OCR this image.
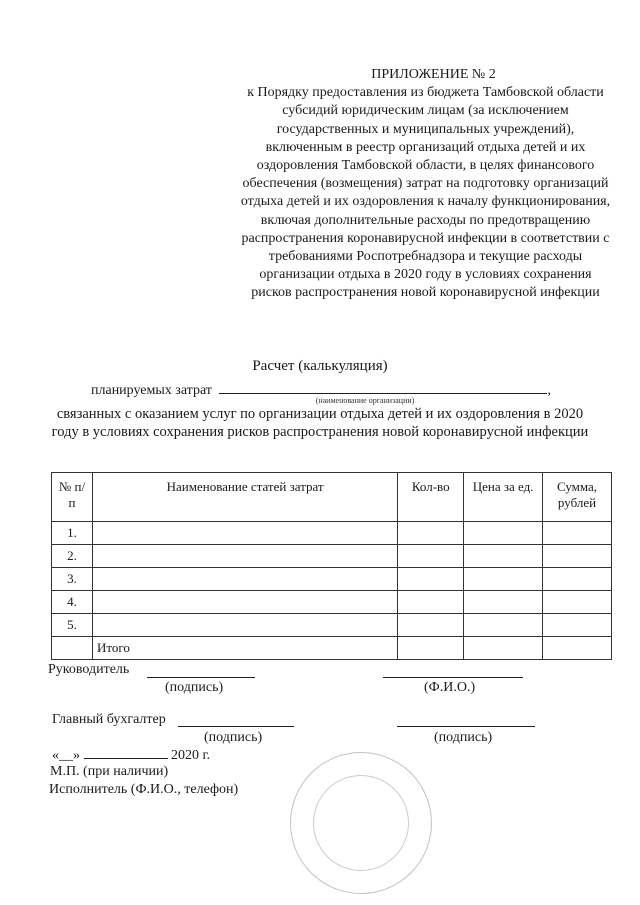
ПРИЛОЖЕНИЕ № 2
к Порядку предоставления из бюджета Тамбовской области субсидий юридическим лицам (за исключением государственных и муниципальных учреждений), включенным в реестр организаций отдыха детей и их оздоровления Тамбовской области, в целях финансового обеспечения (возмещения) затрат на подготовку организаций отдыха детей и их оздоровления к началу функционирования, включая дополнительные расходы по предотвращению распространения коронавирусной инфекции в соответствии с требованиями Роспотребнадзора и текущие расходы организации отдыха в 2020 году в условиях сохранения рисков распространения новой коронавирусной инфекции
Расчет (калькуляция)
планируемых затрат	,
(наименование организации)
связанных с оказанием услуг по организации отдыха детей и их оздоровления в 2020 году в условиях сохранения рисков распространения новой коронавирусной инфекции
№ п/п	Наименование статей затрат	Кол-во	Цена за ед.	Сумма, рублей
1.				
2.				
3.				
4.				
5.				
	Итого			
Руководитель
(подпись)	(Ф.И.О.)
Главный бухгалтер
(подпись)	(подпись)
«__»	2020 г.
М.П. (при наличии)
Исполнитель (Ф.И.О., телефон)
